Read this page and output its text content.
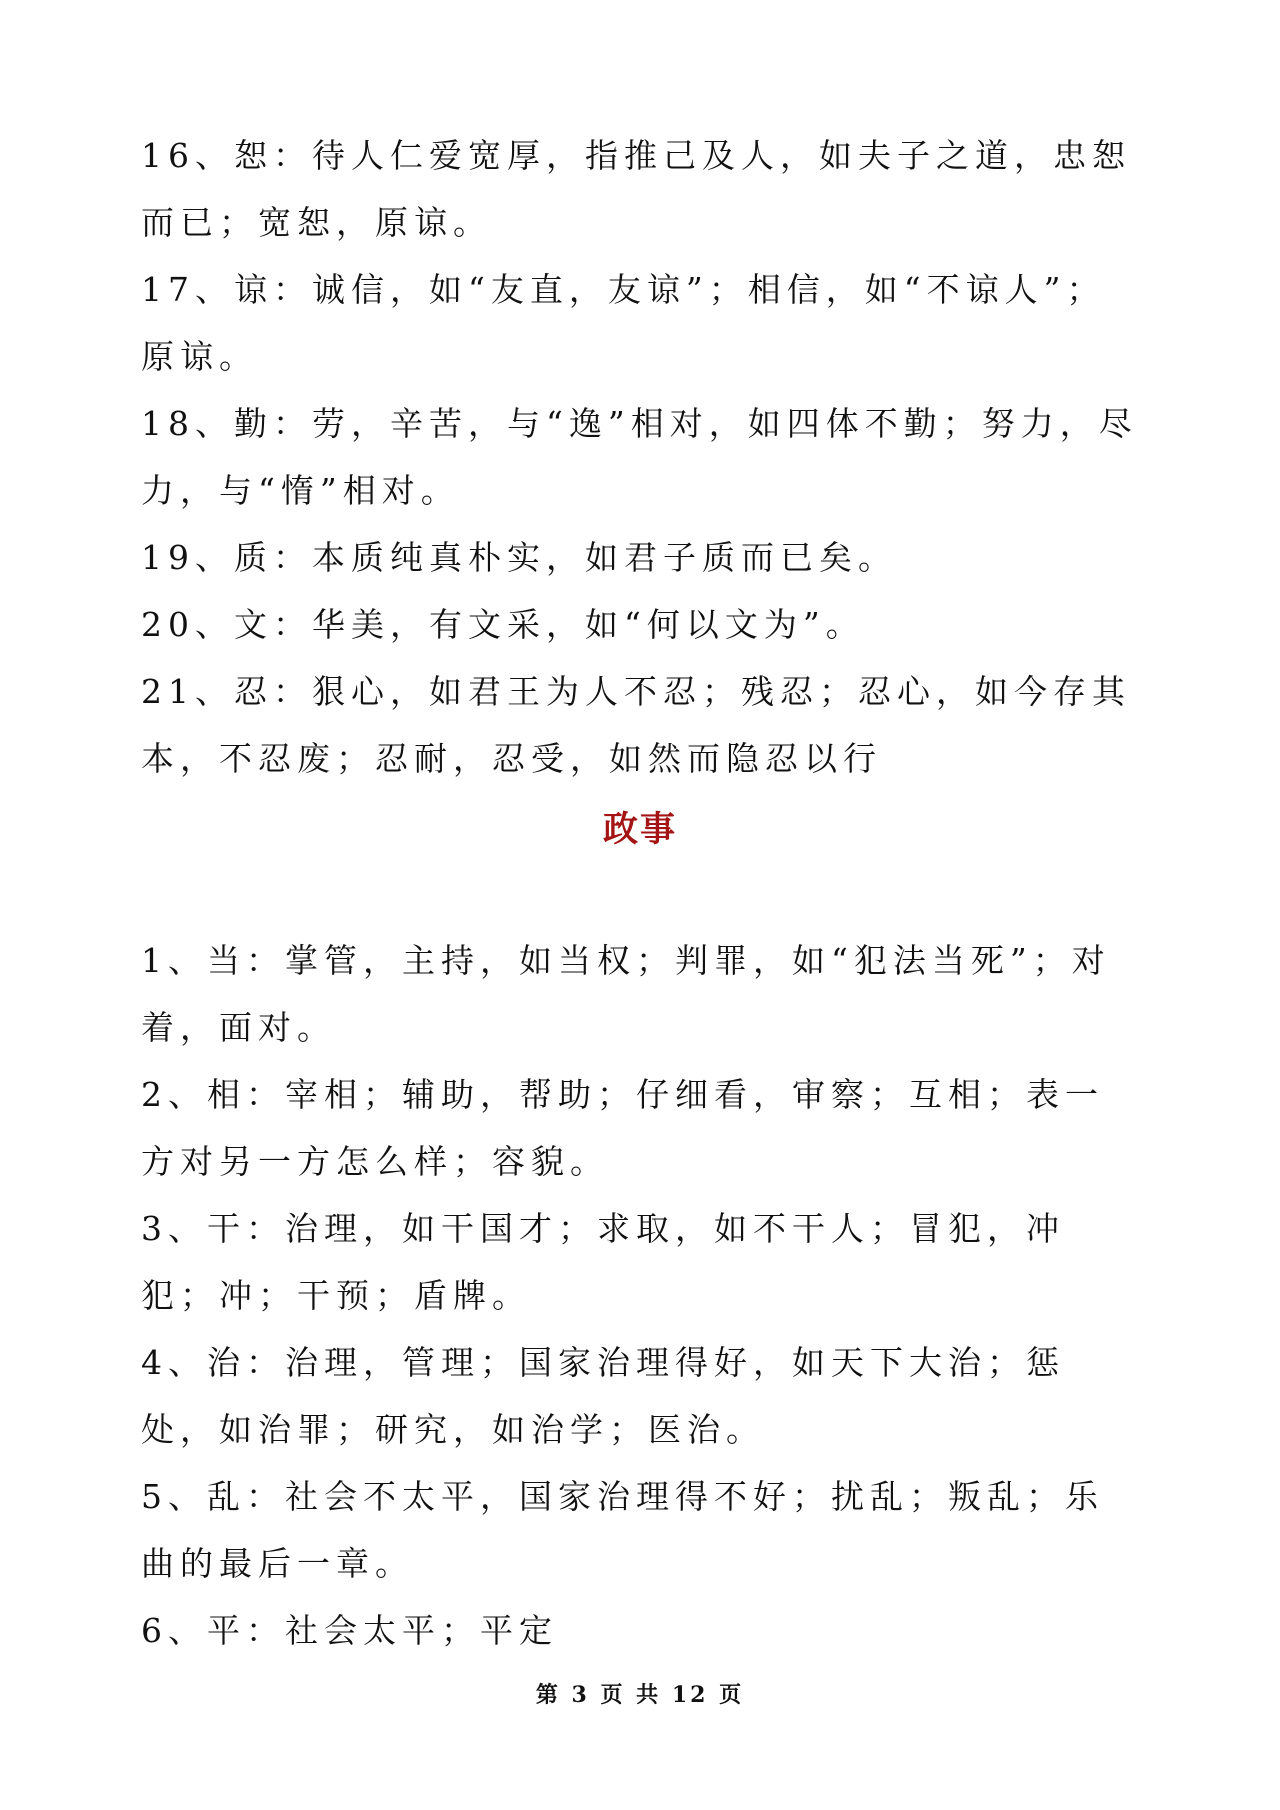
16、恕：待人仁爱宽厚，指推己及人，如夫子之道，忠恕而已；宽恕，原谅。

17、谅：诚信，如“友直，友谅”；相信，如“不谅人”；原谅。

18、勤：劳，辛苦，与“逸”相对，如四体不勤；努力，尽力，与“惰”相对。

19、质：本质纯真朴实，如君子质而已矣。

20、文：华美，有文采，如“何以文为”。

21、忍：狠心，如君王为人不忍；残忍；忍心，如今存其本，不忍废；忍耐，忍受，如然而隐忍以行

政事

1、当：掌管，主持，如当权；判罪，如“犯法当死”；对着，面对。

2、相：宰相；辅助，帮助；仔细看，审察；互相；表一方对另一方怎么样；容貌。

3、干：治理，如干国才；求取，如不干人；冒犯，冲犯；冲；干预；盾牌。

4、治：治理，管理；国家治理得好，如天下大治；惩处，如治罪；研究，如治学；医治。

5、乱：社会不太平，国家治理得不好；扰乱；叛乱；乐曲的最后一章。

6、平：社会太平；平定

第 3 页 共 12 页
